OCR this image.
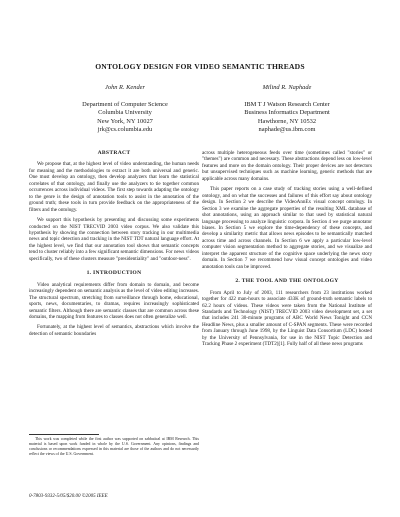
ONTOLOGY DESIGN FOR VIDEO SEMANTIC THREADS
John R. Kender
Department of Computer Science
Columbia University
New York, NY 10027
jrk@cs.columbia.edu
Milind R. Naphade
IBM T J Watson Research Center
Business Informatics Department
Hawthorne, NY 10532
naphade@us.ibm.com
ABSTRACT

We propose that, at the highest level of video understanding, the human needs for meaning and the methodologies to extract it are both universal and generic. One must develop an ontology, then develop analyzers that learn the statistical correlates of that ontology, and finally use the analyzers to tie together common occurrences across individual videos. The first step towards adapting the ontology to the genre is the design of annotation tools to assist in the annotation of the ground truth; these tools in turn provide feedback on the appropriateness of the filters and the ontology.

We support this hypothesis by presenting and discussing some experiments conducted on the NIST TRECVID 2003 video corpus. We also validate this hypothesis by showing the connection between story tracking in our multimedia news and topic detection and tracking in the NIST TDT natural language effort. At the highest level, we find that our annotation tool shows that semantic concepts tend to cluster reliably into a few significant semantic dimensions. For news videos specifically, two of these clusters measure "presidentiality" and "outdoor-ness".

1. INTRODUCTION

Video analytical requirements differ from domain to domain, and become increasingly dependent on semantic analysis as the level of video editing increases. The structural spectrum, stretching from surveillance through home, educational, sports, news, documentaries, to dramas, requires increasingly sophisticated semantic filters. Although there are semantic classes that are common across these domains, the mapping from features to classes does not often generalize well.

Fortunately, at the highest level of semantics, abstractions which involve the detection of semantic boundaries

across multiple heterogeneous feeds over time (sometimes called "stories" or "themes") are common and necessary. These abstractions depend less on low-level features and more on the domain ontology. Their proper devices are not detectors but unsupervised techniques such as machine learning, generic methods that are applicable across many domains.

This paper reports on a case study of tracking stories using a well-defined ontology, and on what the successes and failures of this effort say about ontology design. In Section 2 we describe the VideoAnnEx visual concept ontology. In Section 3 we examine the aggregate properties of the resulting XML database of shot annotations, using an approach similar to that used by statistical natural language processing to analyze linguistic corpora. In Section 4 we purge annotator biases. In Section 5 we explore the time-dependency of these concepts, and develop a similarity metric that allows news episodes to be semantically matched across time and across channels. In Section 6 we apply a particular low-level computer vision segmentation method to aggregate stories, and we visualize and interpret the apparent structure of the cognitive space underlying the news story domain. In Section 7 we recommend how visual concept ontologies and video annotation tools can be improved.

2. THE TOOL AND THE ONTOLOGY

From April to July of 2003, 111 researchers from 23 institutions worked together for 422 man-hours to associate 433K of ground-truth semantic labels to 62.2 hours of videos. These videos were taken from the National Institute of Standards and Technology (NIST) TRECVID 2003 video development set, a set that includes 241 30-minute programs of ABC World News Tonight and CCN Headline News, plus a smaller amount of C-SPAN segments. These were recorded from January through June 1998, by the Linguist Data Consortium (LDC) hosted by the University of Pennsylvania, for use in the NIST Topic Detection and Tracking Phase 2 experiment (TDT2)[1]. Fully half of all these news programs

This work was completed while the first author was supported on sabbatical at IBM Research. This material is based upon work funded in whole by the U.S. Government. Any opinions, findings and conclusions or recommendations expressed in this material are those of the authors and do not necessarily reflect the views of the U.S. Government.
0-7803-9332-5/05/$20.00 ©2005 IEEE
